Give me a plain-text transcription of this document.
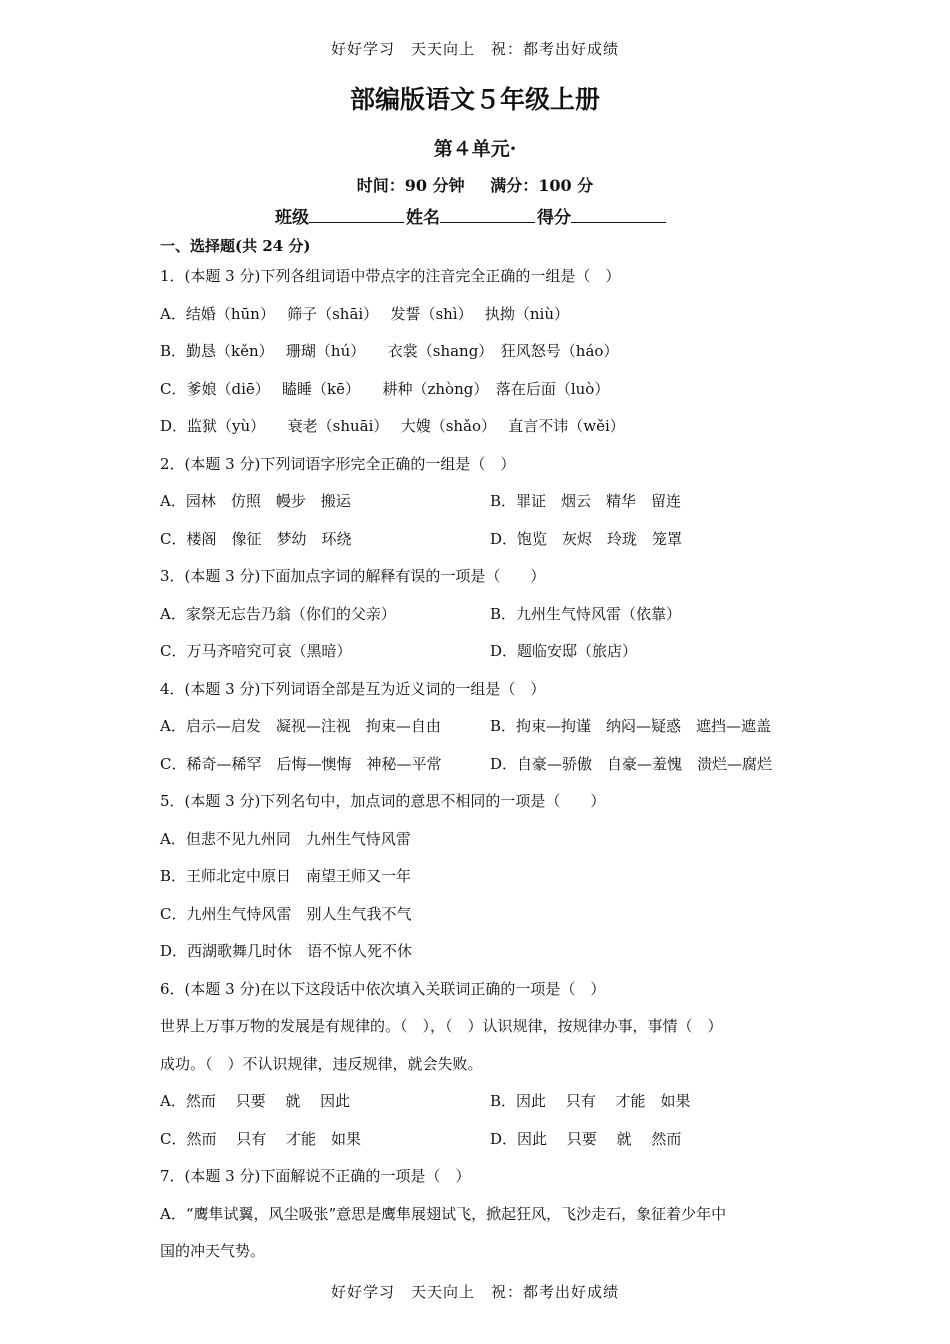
好好学习　天天向上　祝：都考出好成绩
部编版语文５年级上册
第４单元·
时间：90 分钟 满分：100 分
班级	姓名	得分
一、选择题(共 24 分)
1．(本题 3 分)下列各组词语中带点字的注音完全正确的一组是（　）
A．结婚（hūn）　 筛子（shāi）　 发誓（shì）　 执拗（niù）
B．勤恳（kěn）　 珊瑚（hú）　　衣裳（shang）　狂风怒号（háo）
C．爹娘（diē）　 瞌睡（kē）　　耕种（zhòng）　落在后面（luò）
D．监狱（yù）　　衰老（shuāi）　 大嫂（shǎo）　 直言不讳（wěi）
2．(本题 3 分)下列词语字形完全正确的一组是（　）
A．园林　仿照　幔步　搬运	B．罪证　烟云　精华　留连
C．楼阁　像征　梦幼　环绕	D．饱览　灰烬　玲珑　笼罩
3．(本题 3 分)下面加点字词的解释有误的一项是（　　）
A．家祭无忘告乃翁（你们的父亲）	B．九州生气恃风雷（依靠）
C．万马齐喑究可哀（黑暗）	D．题临安邸（旅店）
4．(本题 3 分)下列词语全部是互为近义词的一组是（　）
A．启示—启发　凝视—注视　拘束—自由	B．拘束—拘谨　纳闷—疑惑　遮挡—遮盖
C．稀奇—稀罕　后悔—懊悔　神秘—平常	D．自豪—骄傲　自豪—羞愧　溃烂—腐烂
5．(本题 3 分)下列名句中，加点词的意思不相同的一项是（　　）
A．但悲不见九州同　九州生气恃风雷
B．王师北定中原日　南望王师又一年
C．九州生气恃风雷　别人生气我不气
D．西湖歌舞几时休　语不惊人死不休
6．(本题 3 分)在以下这段话中依次填入关联词正确的一项是（　）
世界上万事万物的发展是有规律的。（　），（　）认识规律，按规律办事，事情（　）
成功。（　）不认识规律，违反规律，就会失败。
A．然而　 只要　 就　 因此	B．因此　 只有　 才能　如果
C．然而　 只有　 才能　如果	D．因此　 只要　 就　 然而
7．(本题 3 分)下面解说不正确的一项是（　）
A．“鹰隼试翼，风尘吸张”意思是鹰隼展翅试飞，掀起狂风，飞沙走石，象征着少年中
国的冲天气势。
好好学习　天天向上　祝：都考出好成绩
